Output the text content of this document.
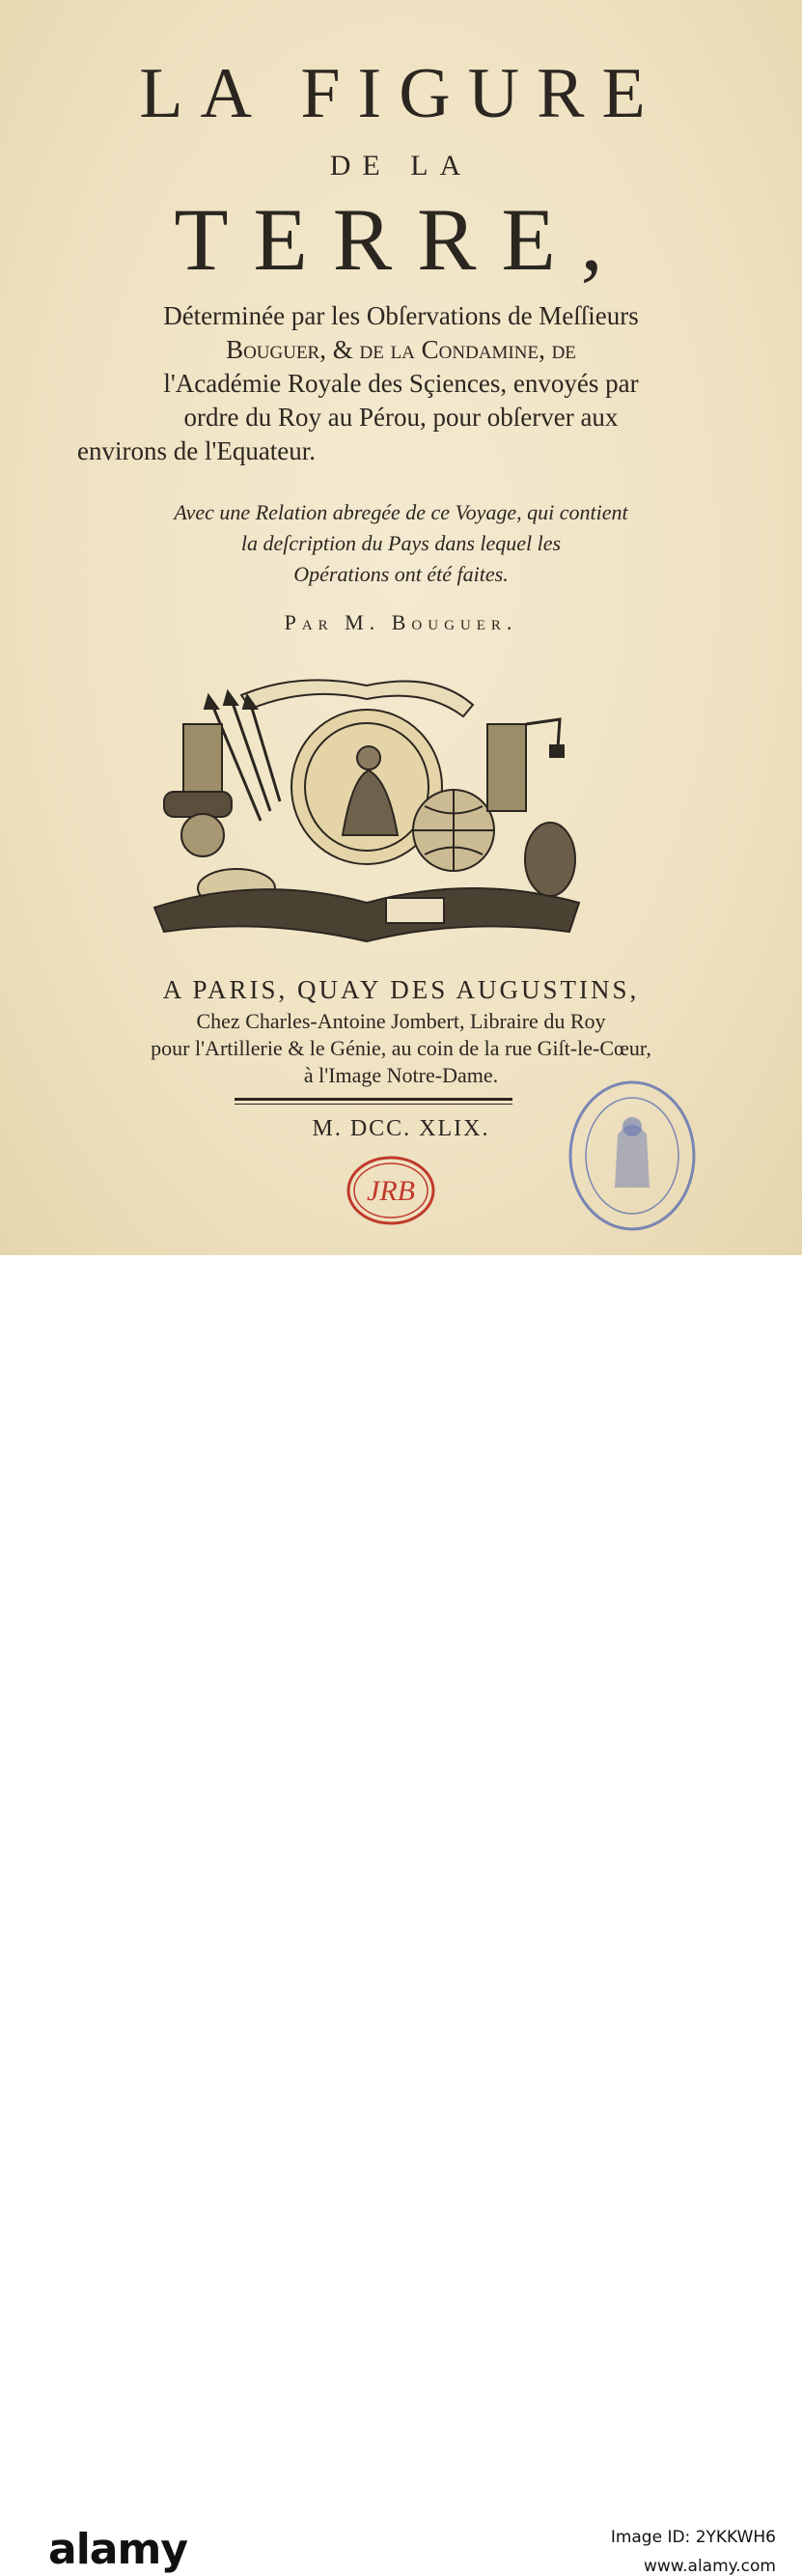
LA FIGURE
DE LA
TERRE,
Déterminée par les Obſervations de Meſſieurs
Bouguer, & de la Condamine, de
l'Académie Royale des Sçiences, envoyés par
ordre du Roy au Pérou, pour obſerver aux
environs de l'Equateur.
Avec une Relation abregée de ce Voyage, qui contient
la deſcription du Pays dans lequel les
Opérations ont été faites.
Par M. Bouguer.
A PARIS, QUAY DES AUGUSTINS,
Chez Charles-Antoine Jombert, Libraire du Roy
pour l'Artillerie & le Génie, au coin de la rue Giſt-le-Cœur,
à l'Image Notre-Dame.
M. DCC. XLIX.
JRB
alamy	Image ID: 2YKKWH6
www.alamy.com
